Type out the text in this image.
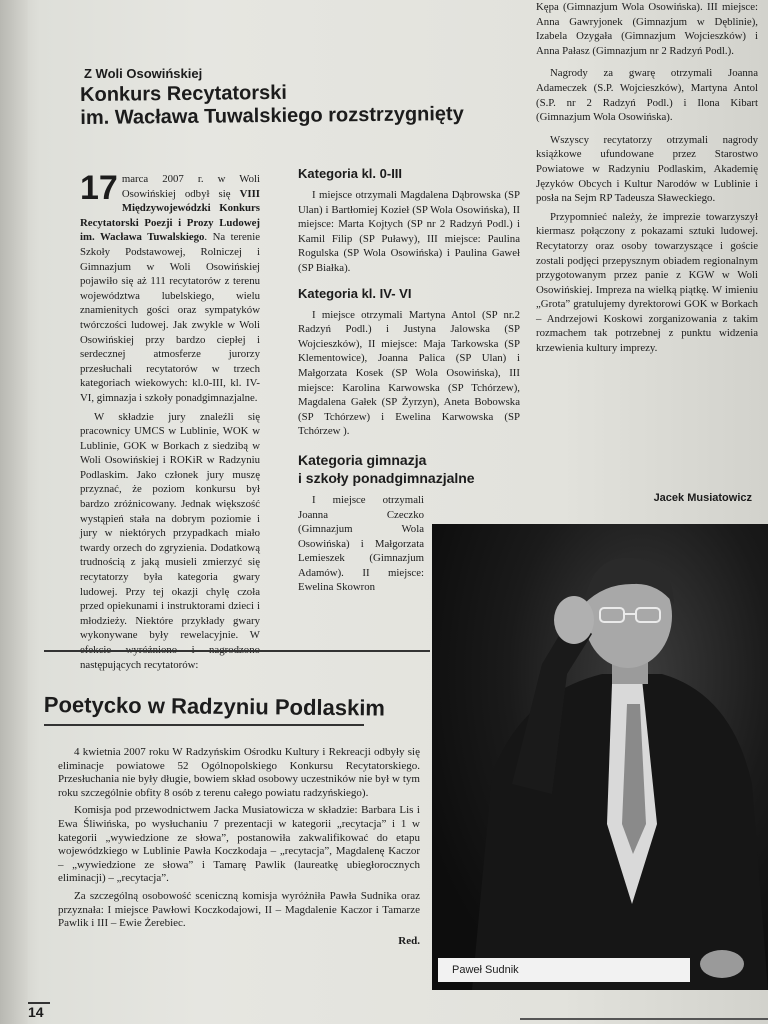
Z Woli Osowińskiej
Konkurs Recytatorski
im. Wacława Tuwalskiego rozstrzygnięty

17 marca 2007 r. w Woli Osowińskiej odbył się VIII Międzywojewódzki Konkurs Recytatorski Poezji i Prozy Ludowej im. Wacława Tuwalskiego. Na terenie Szkoły Podstawowej, Rolniczej i Gimnazjum w Woli Osowińskiej pojawiło się aż 111 recytatorów z terenu województwa lubelskiego, wielu znamienitych gości oraz sympatyków twórczości ludowej. Jak zwykle w Woli Osowińskiej przy bardzo ciepłej i serdecznej atmosferze jurorzy przesłuchali recytatorów w trzech kategoriach wiekowych: kl.0-III, kl. IV- VI, gimnazja i szkoły ponadgimnazjalne.

W składzie jury znaleźli się pracownicy UMCS w Lublinie, WOK w Lublinie, GOK w Borkach z siedzibą w Woli Osowińskiej i ROKiR w Radzyniu Podlaskim. Jako członek jury muszę przyznać, że poziom konkursu był bardzo zróżnicowany. Jednak większość wystąpień stała na dobrym poziomie i jury w niektórych przypadkach miało twardy orzech do zgryzienia. Dodatkową trudnością z jaką musieli zmierzyć się recytatorzy była kategoria gwary ludowej. Przy tej okazji chylę czoła przed opiekunami i instruktorami dzieci i młodzieży. Niektóre przykłady gwary wykonywane były rewelacyjnie. W następujących recytatorów:

Kategoria kl. 0-III

I miejsce otrzymali Magdalena Dąbrowska (SP Ulan) i Bartłomiej Kozieł (SP Wola Osowińska), II miejsce: Marta Kojtych (SP nr 2 Radzyń Podl.) i Kamil Filip (SP Puławy), III miejsce: Paulina Rogulska (SP Wola Osowińska) i Paulina Gaweł (SP Białka).

Kategoria kl. IV- VI

I miejsce otrzymali Martyna Antol (SP nr.2 Radzyń Podl.) i Justyna Jalowska (SP Wojcieszków), II miejsce: Maja Tarkowska (SP Klementowice), Joanna Palica (SP Ulan) i Małgorzata Kosek (SP Wola Osowińska), III miejsce: Karolina Karwowska (SP Tchórzew), Magdalena Gałek (SP Żyrzyn), Aneta Bobowska (SP Tchórzew) i Ewelina Karwowska (SP Tchórzew ).

Kategoria gimnazja
i szkoły ponadgimnazjalne

I miejsce otrzymali Joanna Czeczko (Gimnazjum Wola Osowińska) i Małgorzata Lemieszek (Gimnazjum Adamów). II miejsce: Ewelina Skowron

Kępa (Gimnazjum Wola Osowińska). III miejsce: Anna Gawryjonek (Gimnazjum w Dęblinie), Izabela Ozygała (Gimnazjum Wojcieszków) i Anna Pałasz (Gimnazjum nr 2 Radzyń Podl.).

Nagrody za gwarę otrzymali Joanna Adameczek (S.P. Wojcieszków), Martyna Antol (S.P. nr 2 Radzyń Podl.) i Ilona Kibart (Gimnazjum Wola Osowińska).

Wszyscy recytatorzy otrzymali nagrody książkowe ufundowane przez Starostwo Powiatowe w Radzyniu Podlaskim, Akademię Języków Obcych i Kultur Narodów w Lublinie i posła na Sejm RP Tadeusza Sławeckiego.

Przypomnieć należy, że imprezie towarzyszył kiermasz połączony z pokazami sztuki ludowej. Recytatorzy oraz osoby towarzyszące i goście zostali podjęci przepysznym obiadem regionalnym przygotowanym przez panie z KGW w Woli Osowińskiej. Impreza na wielką piątkę. W imieniu „Grota” gratulujemy dyrektorowi GOK w Borkach – Andrzejowi Koskowi zorganizowania z takim rozmachem tak potrzebnej z punktu widzenia krzewienia kultury imprezy.

Jacek Musiatowicz
Poetycko w Radzyniu Podlaskim

4 kwietnia 2007 roku W Radzyńskim Ośrodku Kultury i Rekreacji odbyły się eliminacje powiatowe 52 Ogólnopolskiego Konkursu Recytatorskiego. Przesłuchania nie były długie, bowiem skład osobowy uczestników nie był w tym roku szczególnie obfity 8 osób z terenu całego powiatu radzyńskiego).

Komisja pod przewodnictwem Jacka Musiatowicza w składzie: Barbara Lis i Ewa Śliwińska, po wysłuchaniu 7 prezentacji w kategorii „recytacja” i 1 w kategorii „wywiedzione ze słowa”, postanowiła zakwalifikować do etapu wojewódzkiego w Lublinie Pawła Koczkodaja – „recytacja”, Magdalenę Kaczor – „wywiedzione ze słowa” i Tamarę Pawlik (laureatkę ubiegłorocznych eliminacji) – „recytacja”.

Za szczególną osobowość sceniczną komisja wyróżniła Pawła Sudnika oraz przyznała: I miejsce Pawłowi Koczkodajowi, II – Magdalenie Kaczor i Tamarze Pawlik i III – Ewie Żerebiec.

Red.

Paweł Sudnik
14
